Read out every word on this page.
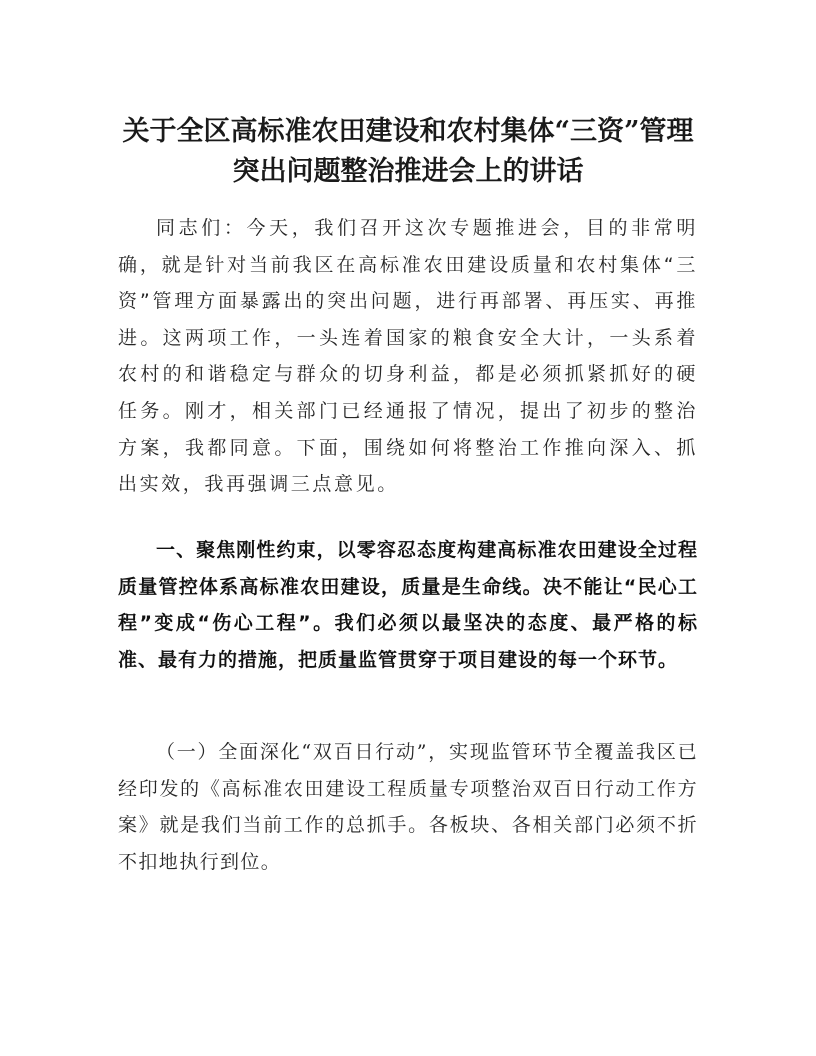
关于全区高标准农田建设和农村集体“三资”管理突出问题整治推进会上的讲话

同志们：今天，我们召开这次专题推进会，目的非常明确，就是针对当前我区在高标准农田建设质量和农村集体“三资”管理方面暴露出的突出问题，进行再部署、再压实、再推进。这两项工作，一头连着国家的粮食安全大计，一头系着农村的和谐稳定与群众的切身利益，都是必须抓紧抓好的硬任务。刚才，相关部门已经通报了情况，提出了初步的整治方案，我都同意。下面，围绕如何将整治工作推向深入、抓出实效，我再强调三点意见。

一、聚焦刚性约束，以零容忍态度构建高标准农田建设全过程质量管控体系高标准农田建设，质量是生命线。决不能让“民心工程”变成“伤心工程”。我们必须以最坚决的态度、最严格的标准、最有力的措施，把质量监管贯穿于项目建设的每一个环节。

（一）全面深化“双百日行动”，实现监管环节全覆盖我区已经印发的《高标准农田建设工程质量专项整治双百日行动工作方案》就是我们当前工作的总抓手。各板块、各相关部门必须不折不扣地执行到位。
